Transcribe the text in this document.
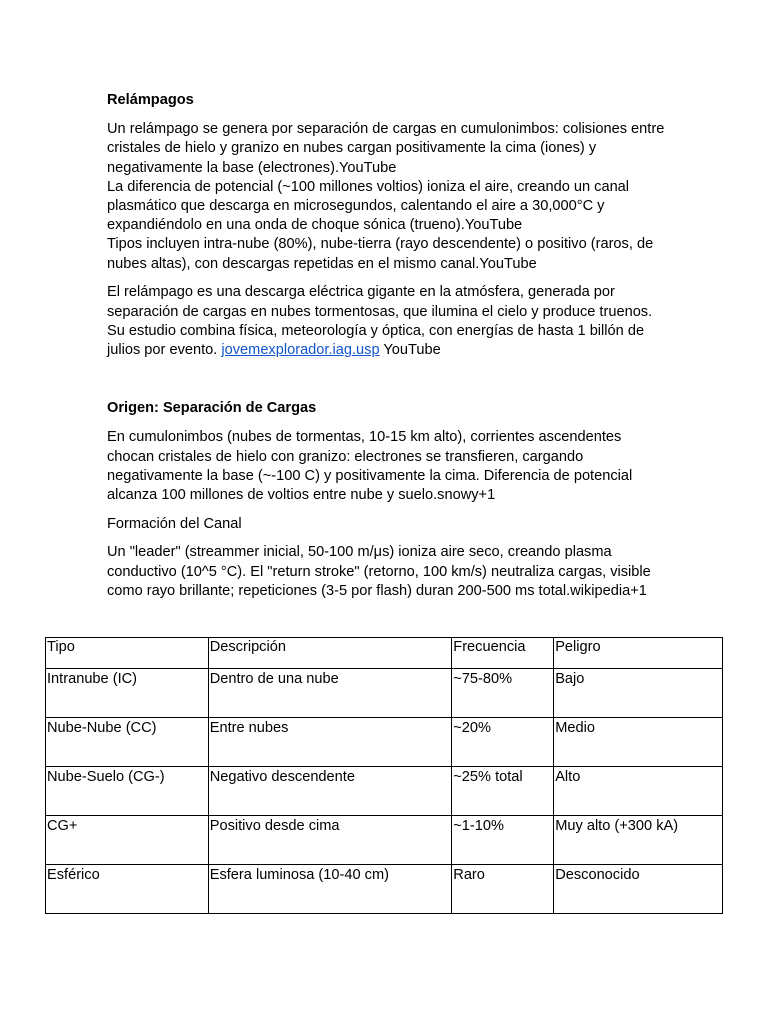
Relámpagos

Un relámpago se genera por separación de cargas en cumulonimbos: colisiones entre cristales de hielo y granizo en nubes cargan positivamente la cima (iones) y negativamente la base (electrones).YouTube

La diferencia de potencial (~100 millones voltios) ioniza el aire, creando un canal plasmático que descarga en microsegundos, calentando el aire a 30,000°C y expandiéndolo en una onda de choque sónica (trueno).YouTube

Tipos incluyen intra-nube (80%), nube-tierra (rayo descendente) o positivo (raros, de nubes altas), con descargas repetidas en el mismo canal.YouTube

El relámpago es una descarga eléctrica gigante en la atmósfera, generada por separación de cargas en nubes tormentosas, que ilumina el cielo y produce truenos. Su estudio combina física, meteorología y óptica, con energías de hasta 1 billón de julios por evento. jovemexplorador.iag.usp YouTube

Origen: Separación de Cargas

En cumulonimbos (nubes de tormentas, 10-15 km alto), corrientes ascendentes chocan cristales de hielo con granizo: electrones se transfieren, cargando negativamente la base (~-100 C) y positivamente la cima. Diferencia de potencial alcanza 100 millones de voltios entre nube y suelo.snowy+1

Formación del Canal

Un "leader" (streammer inicial, 50-100 m/μs) ioniza aire seco, creando plasma conductivo (10^5 °C). El "return stroke" (retorno, 100 km/s) neutraliza cargas, visible como rayo brillante; repeticiones (3-5 por flash) duran 200-500 ms total.wikipedia+1

Tipo	Descripción	Frecuencia	Peligro
Intranube (IC)	Dentro de una nube	~75-80%	Bajo
Nube-Nube (CC)	Entre nubes	~20%	Medio
Nube-Suelo (CG-)	Negativo descendente	~25% total	Alto
CG+	Positivo desde cima	~1-10%	Muy alto (+300 kA)
Esférico	Esfera luminosa (10-40 cm)	Raro	Desconocido
